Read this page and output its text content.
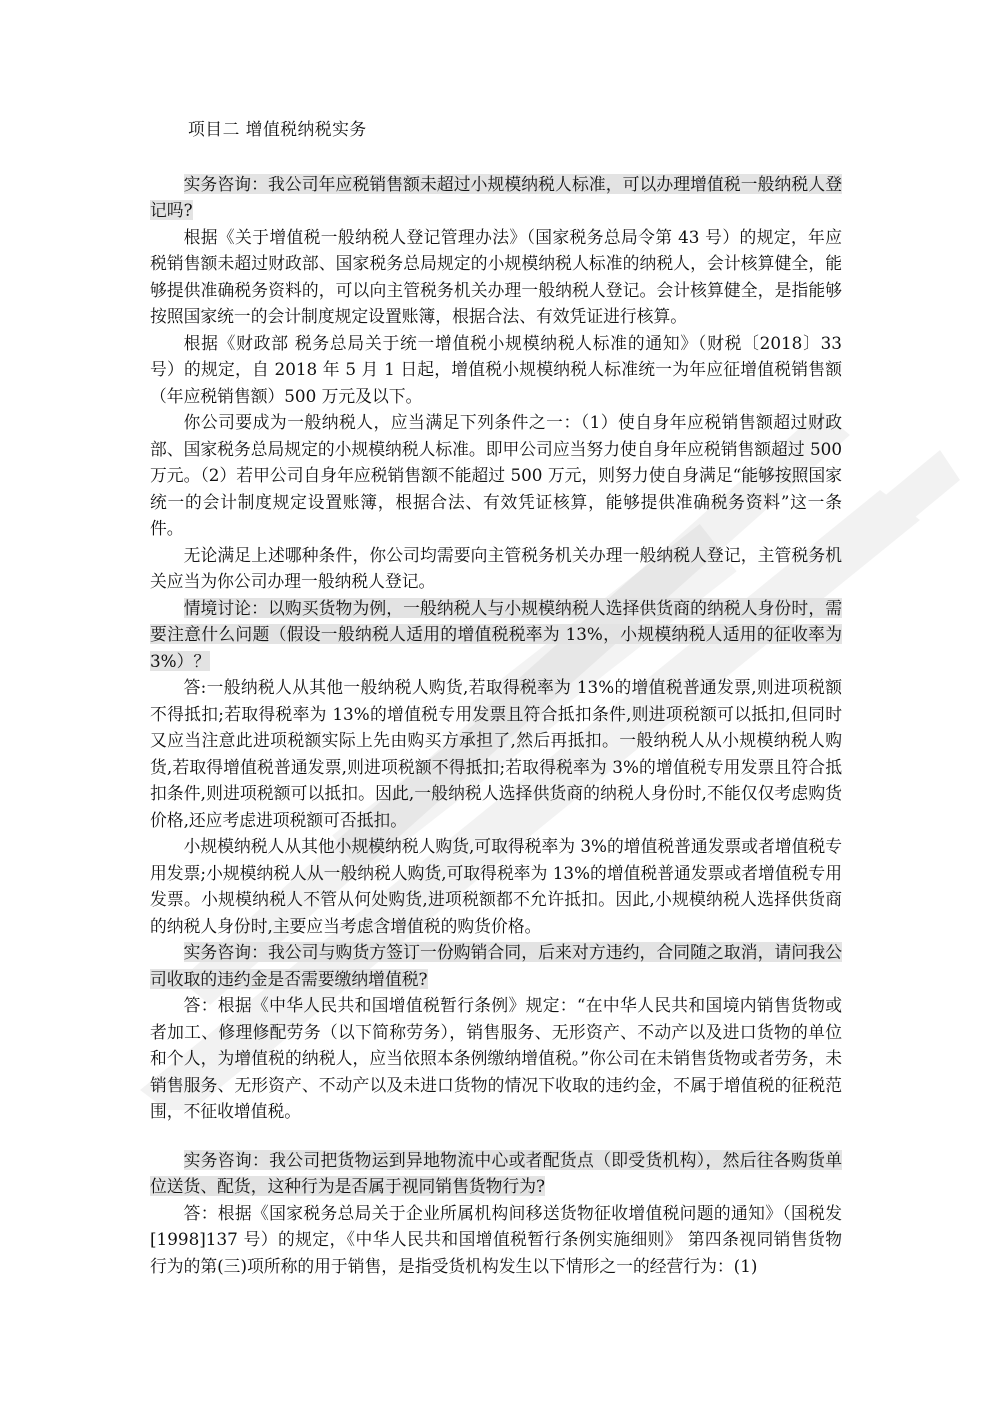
项目二 增值税纳税实务

实务咨询：我公司年应税销售额未超过小规模纳税人标准，可以办理增值税一般纳税人登记吗?

根据《关于增值税一般纳税人登记管理办法》（国家税务总局令第 43 号）的规定，年应税销售额未超过财政部、国家税务总局规定的小规模纳税人标准的纳税人，会计核算健全，能够提供准确税务资料的，可以向主管税务机关办理一般纳税人登记。会计核算健全，是指能够按照国家统一的会计制度规定设置账簿，根据合法、有效凭证进行核算。

根据《财政部 税务总局关于统一增值税小规模纳税人标准的通知》（财税〔2018〕33 号）的规定，自 2018 年 5 月 1 日起，增值税小规模纳税人标准统一为年应征增值税销售额（年应税销售额）500 万元及以下。

你公司要成为一般纳税人，应当满足下列条件之一：（1）使自身年应税销售额超过财政部、国家税务总局规定的小规模纳税人标准。即甲公司应当努力使自身年应税销售额超过 500 万元。（2）若甲公司自身年应税销售额不能超过 500 万元，则努力使自身满足“能够按照国家统一的会计制度规定设置账簿，根据合法、有效凭证核算，能够提供准确税务资料”这一条件。

无论满足上述哪种条件，你公司均需要向主管税务机关办理一般纳税人登记，主管税务机关应当为你公司办理一般纳税人登记。

情境讨论：以购买货物为例，一般纳税人与小规模纳税人选择供货商的纳税人身份时，需要注意什么问题（假设一般纳税人适用的增值税税率为 13%，小规模纳税人适用的征收率为 3%）？

答:一般纳税人从其他一般纳税人购货,若取得税率为 13%的增值税普通发票,则进项税额不得抵扣;若取得税率为 13%的增值税专用发票且符合抵扣条件,则进项税额可以抵扣,但同时又应当注意此进项税额实际上先由购买方承担了,然后再抵扣。一般纳税人从小规模纳税人购货,若取得增值税普通发票,则进项税额不得抵扣;若取得税率为 3%的增值税专用发票且符合抵扣条件,则进项税额可以抵扣。因此,一般纳税人选择供货商的纳税人身份时,不能仅仅考虑购货价格,还应考虑进项税额可否抵扣。

小规模纳税人从其他小规模纳税人购货,可取得税率为 3%的增值税普通发票或者增值税专用发票;小规模纳税人从一般纳税人购货,可取得税率为 13%的增值税普通发票或者增值税专用发票。小规模纳税人不管从何处购货,进项税额都不允许抵扣。因此,小规模纳税人选择供货商的纳税人身份时,主要应当考虑含增值税的购货价格。

实务咨询：我公司与购货方签订一份购销合同，后来对方违约，合同随之取消，请问我公司收取的违约金是否需要缴纳增值税?

答：根据《中华人民共和国增值税暂行条例》规定：“在中华人民共和国境内销售货物或者加工、修理修配劳务（以下简称劳务），销售服务、无形资产、不动产以及进口货物的单位和个人，为增值税的纳税人，应当依照本条例缴纳增值税。”你公司在未销售货物或者劳务，未销售服务、无形资产、不动产以及未进口货物的情况下收取的违约金，不属于增值税的征税范围，不征收增值税。

实务咨询：我公司把货物运到异地物流中心或者配货点（即受货机构），然后往各购货单位送货、配货，这种行为是否属于视同销售货物行为?

答：根据《国家税务总局关于企业所属机构间移送货物征收增值税问题的通知》（国税发[1998]137 号）的规定，《中华人民共和国增值税暂行条例实施细则》 第四条视同销售货物行为的第(三)项所称的用于销售，是指受货机构发生以下情形之一的经营行为：(1)
